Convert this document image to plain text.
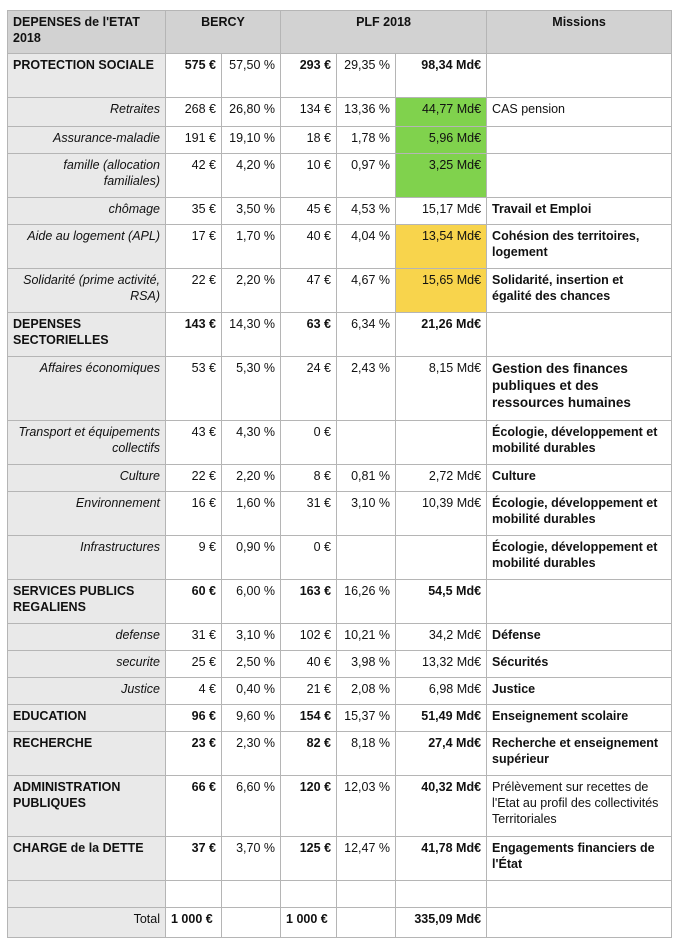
DEPENSES de l'ETAT 2018	BERCY		PLF 2018			Missions
PROTECTION SOCIALE	575 €	57,50 %	293 €	29,35 %	98,34 Md€	
Retraites	268 €	26,80 %	134 €	13,36 %	44,77 Md€	CAS pension
Assurance-maladie	191 €	19,10 %	18 €	1,78 %	5,96 Md€	
famille (allocation familiales)	42 €	4,20 %	10 €	0,97 %	3,25 Md€	
chômage	35 €	3,50 %	45 €	4,53 %	15,17 Md€	Travail et Emploi
Aide au logement (APL)	17 €	1,70 %	40 €	4,04 %	13,54 Md€	Cohésion des territoires, logement
Solidarité (prime activité, RSA)	22 €	2,20 %	47 €	4,67 %	15,65 Md€	Solidarité, insertion et égalité des chances
DEPENSES SECTORIELLES	143 €	14,30 %	63 €	6,34 %	21,26 Md€	
Affaires économiques	53 €	5,30 %	24 €	2,43 %	8,15 Md€	Gestion des finances publiques et des ressources humaines
Transport et équipements collectifs	43 €	4,30 %	0 €			Écologie, développement et mobilité durables
Culture	22 €	2,20 %	8 €	0,81 %	2,72 Md€	Culture
Environnement	16 €	1,60 %	31 €	3,10 %	10,39 Md€	Écologie, développement et mobilité durables
Infrastructures	9 €	0,90 %	0 €			Écologie, développement et mobilité durables
SERVICES PUBLICS REGALIENS	60 €	6,00 %	163 €	16,26 %	54,5 Md€	
defense	31 €	3,10 %	102 €	10,21 %	34,2 Md€	Défense
securite	25 €	2,50 %	40 €	3,98 %	13,32 Md€	Sécurités
Justice	4 €	0,40 %	21 €	2,08 %	6,98 Md€	Justice
EDUCATION	96 €	9,60 %	154 €	15,37 %	51,49 Md€	Enseignement scolaire
RECHERCHE	23 €	2,30 %	82 €	8,18 %	27,4 Md€	Recherche et enseignement supérieur
ADMINISTRATION PUBLIQUES	66 €	6,60 %	120 €	12,03 %	40,32 Md€	Prélèvement sur recettes de l'Etat au profil des collectivités Territoriales
CHARGE de la DETTE	37 €	3,70 %	125 €	12,47 %	41,78 Md€	Engagements financiers de l'État

Total	1 000 €		1 000 €		335,09 Md€	
